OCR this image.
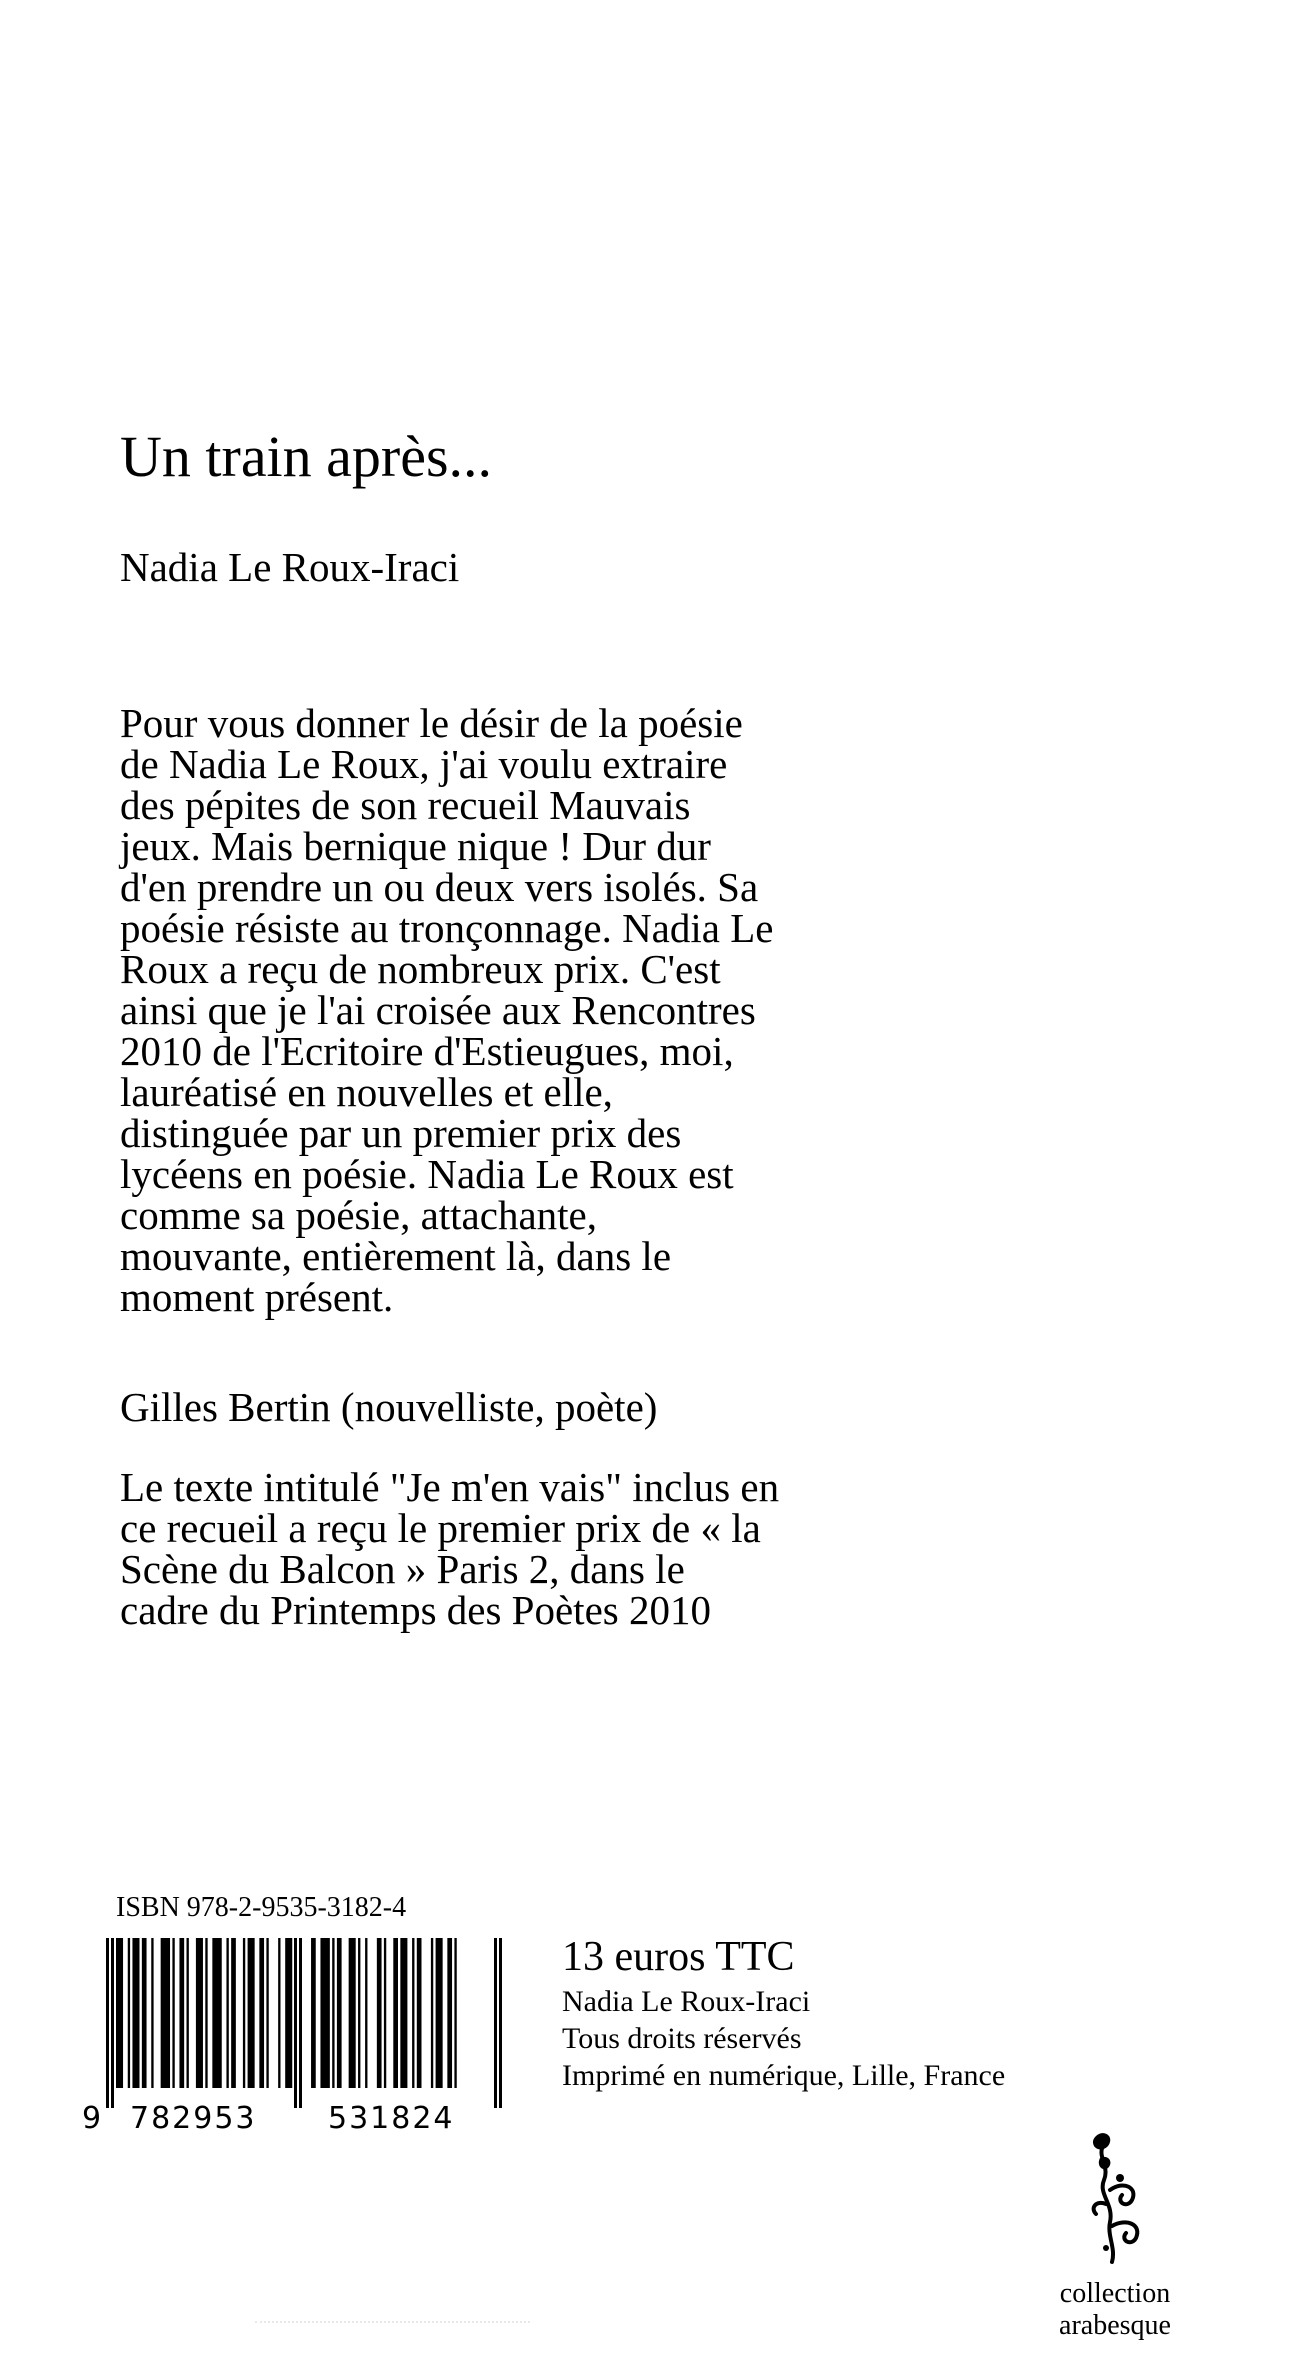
Un train après...
Nadia Le Roux-Iraci
Pour vous donner le désir de la poésie
de Nadia Le Roux, j'ai voulu extraire
des pépites de son recueil Mauvais
jeux. Mais bernique nique ! Dur dur
d'en prendre un ou deux vers isolés. Sa
poésie résiste au tronçonnage. Nadia Le
Roux a reçu de nombreux prix. C'est
ainsi que je l'ai croisée aux Rencontres
2010 de l'Ecritoire d'Estieugues, moi,
lauréatisé en nouvelles et elle,
distinguée par un premier prix des
lycéens en poésie. Nadia Le Roux est
comme sa poésie, attachante,
mouvante, entièrement là, dans le
moment présent.
Gilles Bertin (nouvelliste, poète)
Le texte intitulé "Je m'en vais" inclus en
ce recueil a reçu le premier prix de « la
Scène du Balcon » Paris 2, dans le
cadre du Printemps des Poètes 2010
ISBN 978-2-9535-3182-4
9 782953 531824
13 euros TTC
Nadia Le Roux-Iraci
Tous droits réservés
Imprimé en numérique, Lille, France
collection
arabesque
